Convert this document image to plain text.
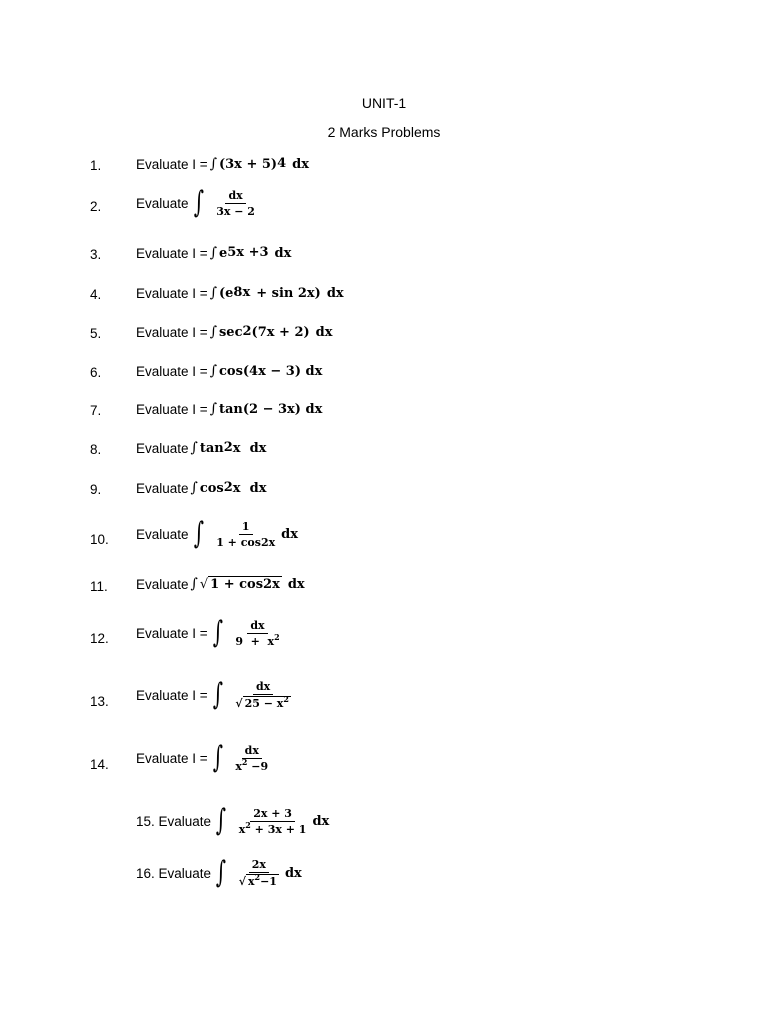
UNIT-1
2 Marks Problems
1.	Evaluate I = ∫ (3x + 5) 4 dx
2.	Evaluate ∫ $\frac{dx}{3x - 2}$
3.	Evaluate I = ∫ e 5x +3 dx
4.	Evaluate I = ∫ (e 8x + sin 2x) dx
5.	Evaluate I = ∫ sec 2 (7x + 2) dx
6.	Evaluate I = ∫ cos(4x − 3) dx
7.	Evaluate I = ∫ tan(2 − 3x) dx
8.	Evaluate ∫ tan 2 x  dx
9.	Evaluate ∫ cos 2 x  dx
10. Evaluate ∫ $\frac{1}{1 + \cos 2x}$ dx
11. Evaluate ∫ √ 1 + cos2x dx
12. Evaluate I = ∫ $\frac{dx}{9 + x^2}$
13. Evaluate I = ∫ $\frac{dx}{√ 25 - x^2}$
14. Evaluate I = ∫ $\frac{dx}{x^2 -9}$
15. Evaluate ∫ $\frac{2x + 3}{x^2 + 3x + 1}$ dx
16. Evaluate ∫ $\frac{2x}{√ x^2-1}$ dx
